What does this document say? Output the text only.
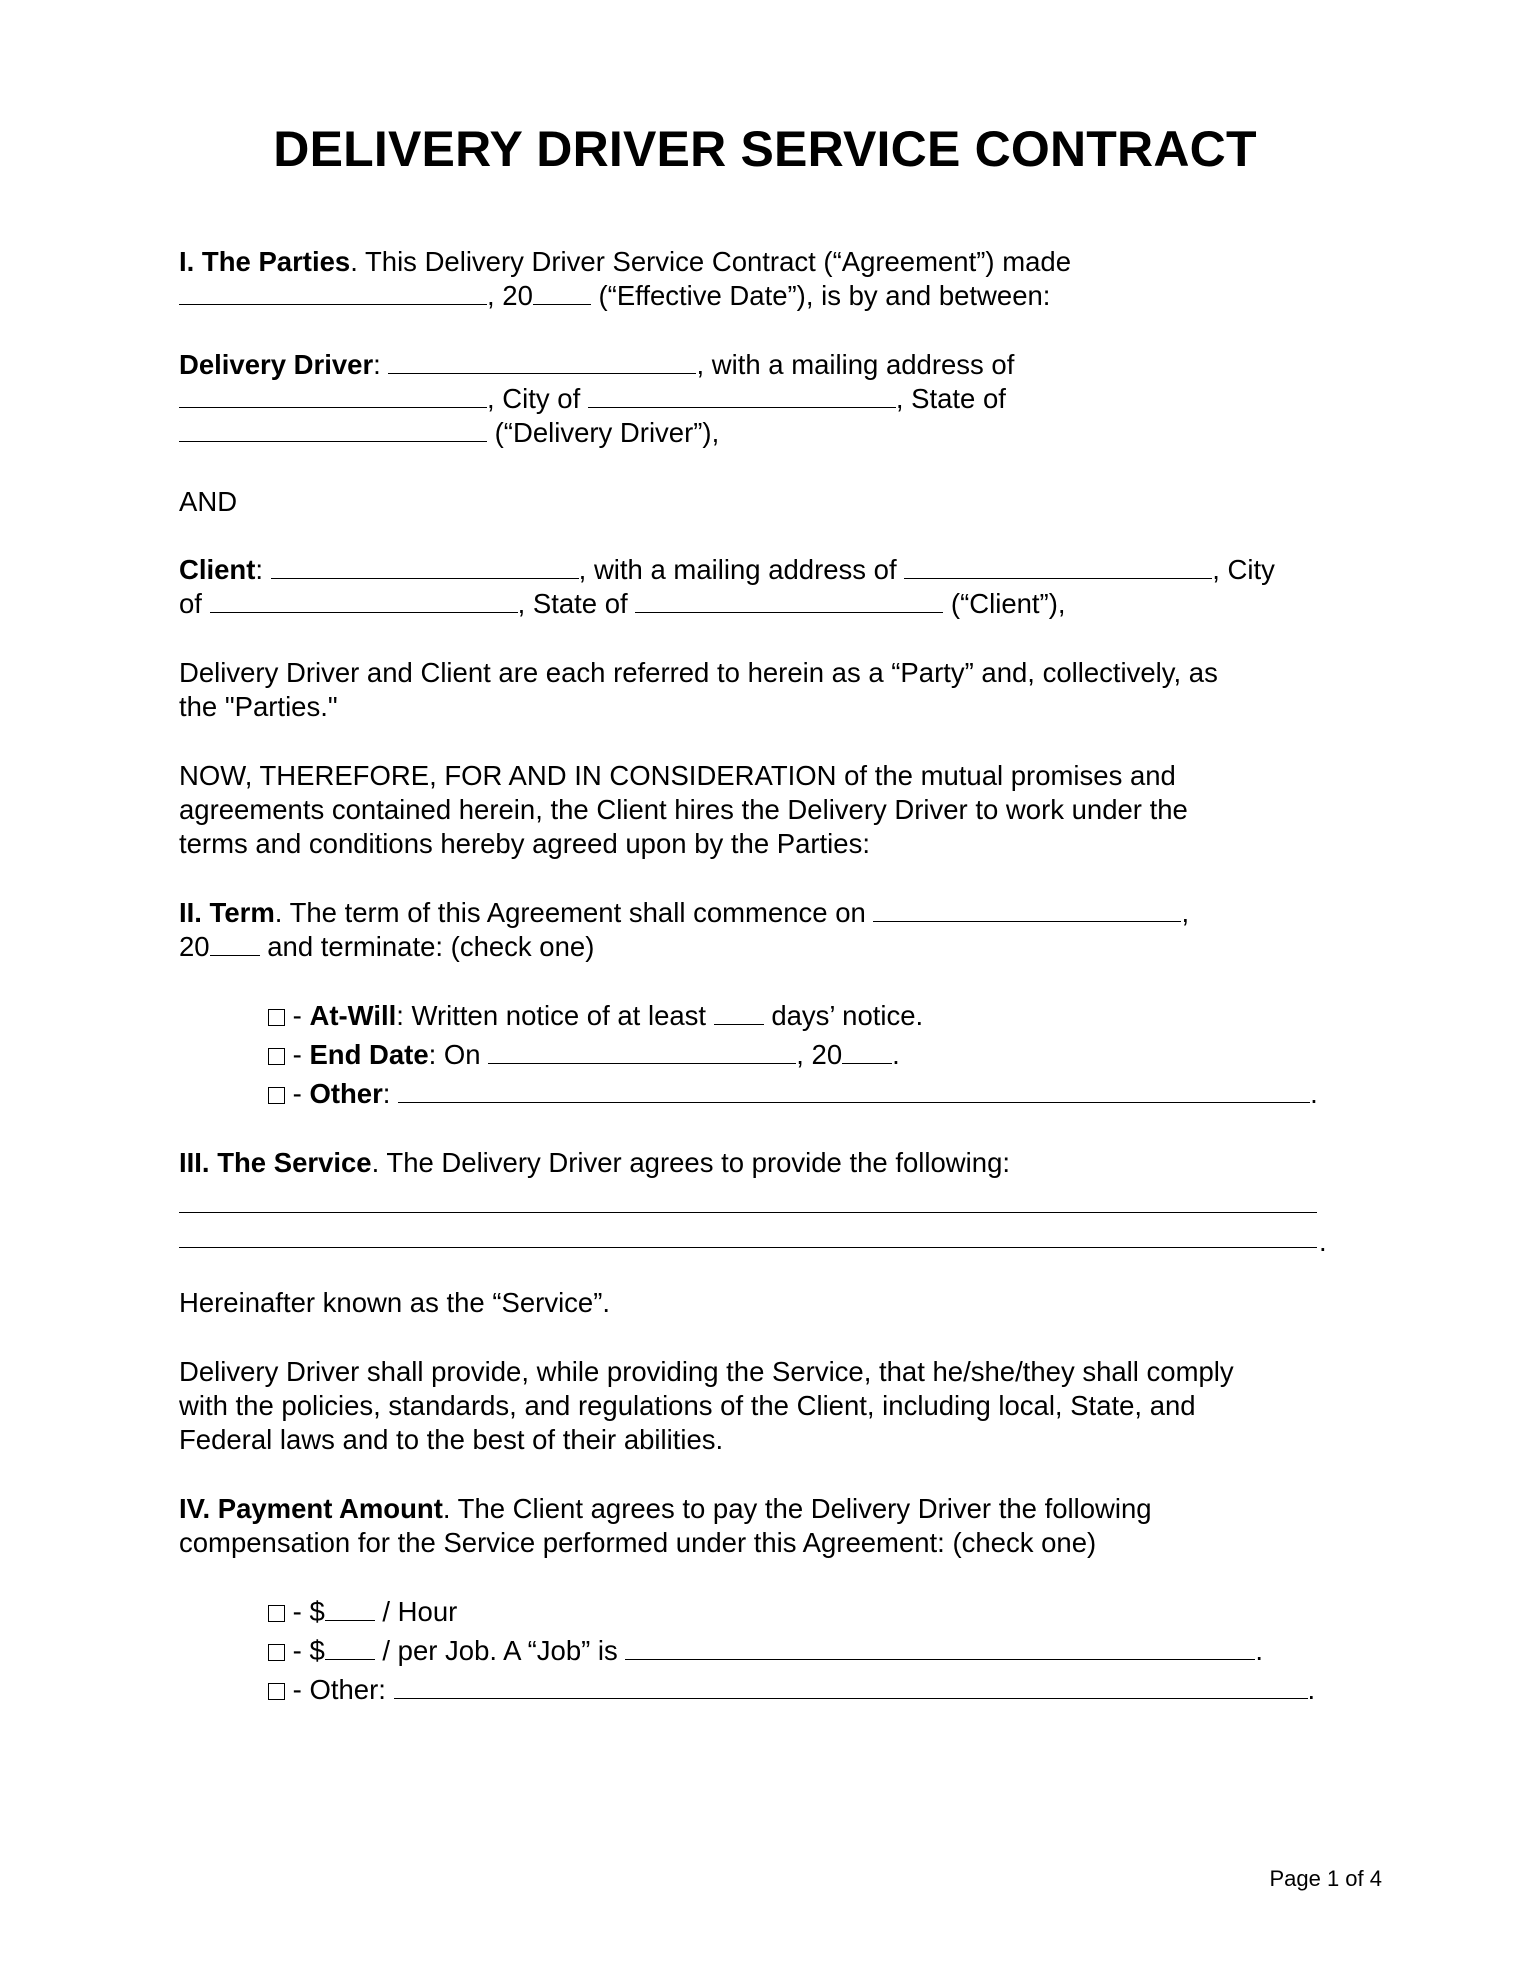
DELIVERY DRIVER SERVICE CONTRACT
I. The Parties. This Delivery Driver Service Contract (“Agreement”) made
, 20 (“Effective Date”), is by and between:
Delivery Driver:	, with a mailing address of
, City of	, State of
(“Delivery Driver”),
AND
Client:	, with a mailing address of	, City
of	, State of	(“Client”),
Delivery Driver and Client are each referred to herein as a “Party” and, collectively, as
the "Parties."
NOW, THEREFORE, FOR AND IN CONSIDERATION of the mutual promises and
agreements contained herein, the Client hires the Delivery Driver to work under the
terms and conditions hereby agreed upon by the Parties:
II. Term. The term of this Agreement shall commence on	,
20 and terminate: (check one)
- At-Will: Written notice of at least  days’ notice.
- End Date: On	, 20 .
- Other:	.
III. The Service. The Delivery Driver agrees to provide the following:
.
Hereinafter known as the “Service”.
Delivery Driver shall provide, while providing the Service, that he/she/they shall comply
with the policies, standards, and regulations of the Client, including local, State, and
Federal laws and to the best of their abilities.
IV. Payment Amount. The Client agrees to pay the Delivery Driver the following
compensation for the Service performed under this Agreement: (check one)
- $ / Hour
- $ / per Job. A “Job” is	.
- Other:	.
Page 1 of 4
